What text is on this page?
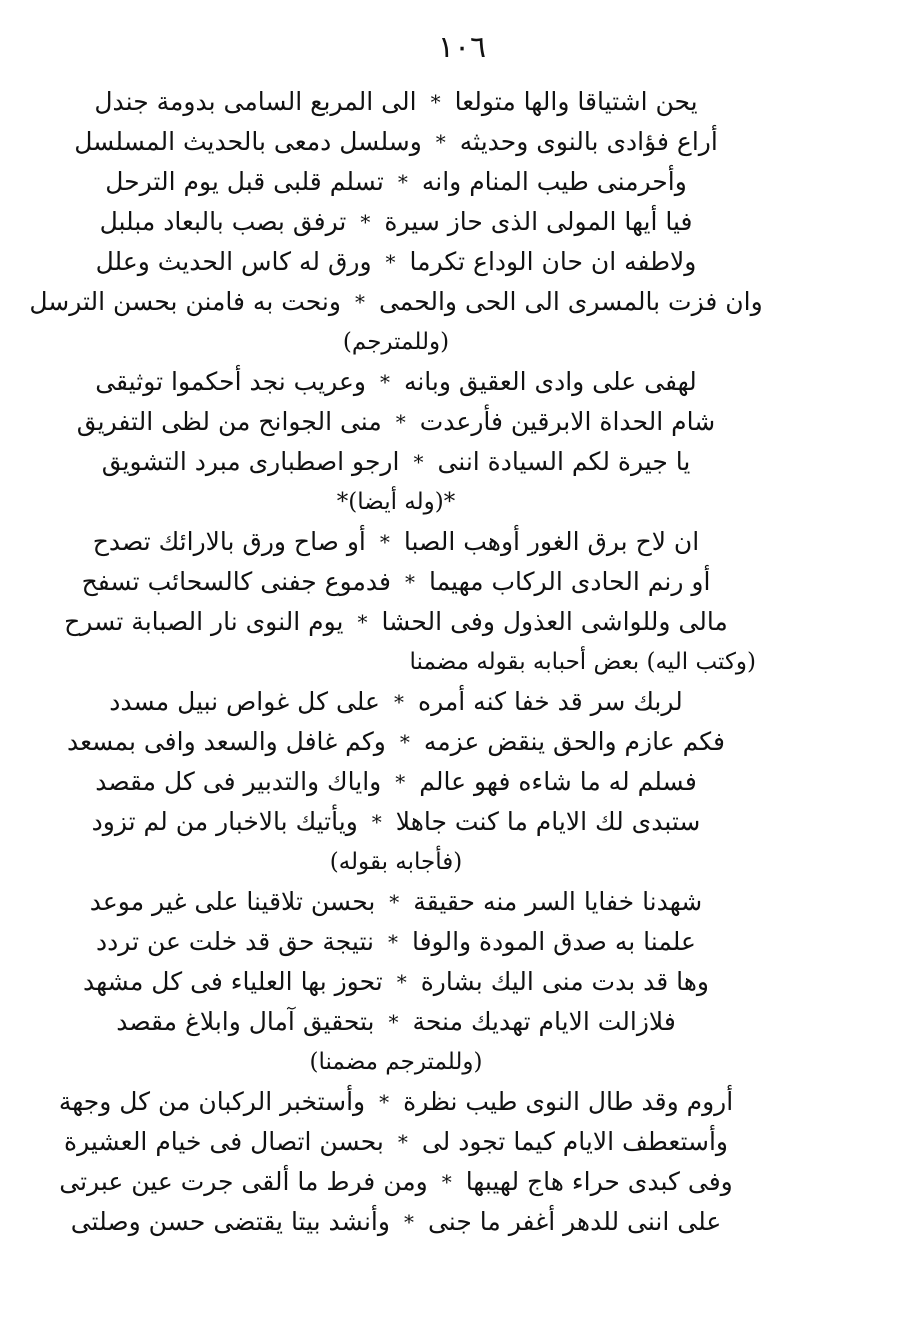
١٠٦
يحن اشتياقا والها متولعا
*
الى المربع السامى بدومة جندل
أراع فؤادى بالنوى وحديثه
*
وسلسل دمعى بالحديث المسلسل
وأحرمنى طيب المنام وانه
*
تسلم قلبى قبل يوم الترحل
فيا أيها المولى الذى حاز سيرة
*
ترفق بصب بالبعاد مبلبل
ولاطفه ان حان الوداع تكرما
*
ورق له كاس الحديث وعلل
وان فزت بالمسرى الى الحى والحمى
*
ونحت به فامنن بحسن الترسل
(وللمترجم)
لهفى على وادى العقيق وبانه
*
وعريب نجد أحكموا توثيقى
شام الحداة الابرقين فأرعدت
*
منى الجوانح من لظى التفريق
يا جيرة لكم السيادة اننى
*
ارجو اصطبارى مبرد التشويق
*(وله أيضا)*
ان لاح برق الغور أوهب الصبا
*
أو صاح ورق بالارائك تصدح
أو رنم الحادى الركاب مهيما
*
فدموع جفنى كالسحائب تسفح
مالى وللواشى العذول وفى الحشا
*
يوم النوى نار الصبابة تسرح
(وكتب اليه) بعض أحبابه بقوله مضمنا
لربك سر قد خفا كنه أمره
*
على كل غواص نبيل مسدد
فكم عازم والحق ينقض عزمه
*
وكم غافل والسعد وافى بمسعد
فسلم له ما شاءه فهو عالم
*
واياك والتدبير فى كل مقصد
ستبدى لك الايام ما كنت جاهلا
*
ويأتيك بالاخبار من لم تزود
(فأجابه بقوله)
شهدنا خفايا السر منه حقيقة
*
بحسن تلاقينا على غير موعد
علمنا به صدق المودة والوفا
*
نتيجة حق قد خلت عن تردد
وها قد بدت منى اليك بشارة
*
تحوز بها العلياء فى كل مشهد
فلازالت الايام تهديك منحة
*
بتحقيق آمال وابلاغ مقصد
(وللمترجم مضمنا)
أروم وقد طال النوى طيب نظرة
*
وأستخبر الركبان من كل وجهة
وأستعطف الايام كيما تجود لى
*
بحسن اتصال فى خيام العشيرة
وفى كبدى حراء هاج لهيبها
*
ومن فرط ما ألقى جرت عين عبرتى
على اننى للدهر أغفر ما جنى
*
وأنشد بيتا يقتضى حسن وصلتى
